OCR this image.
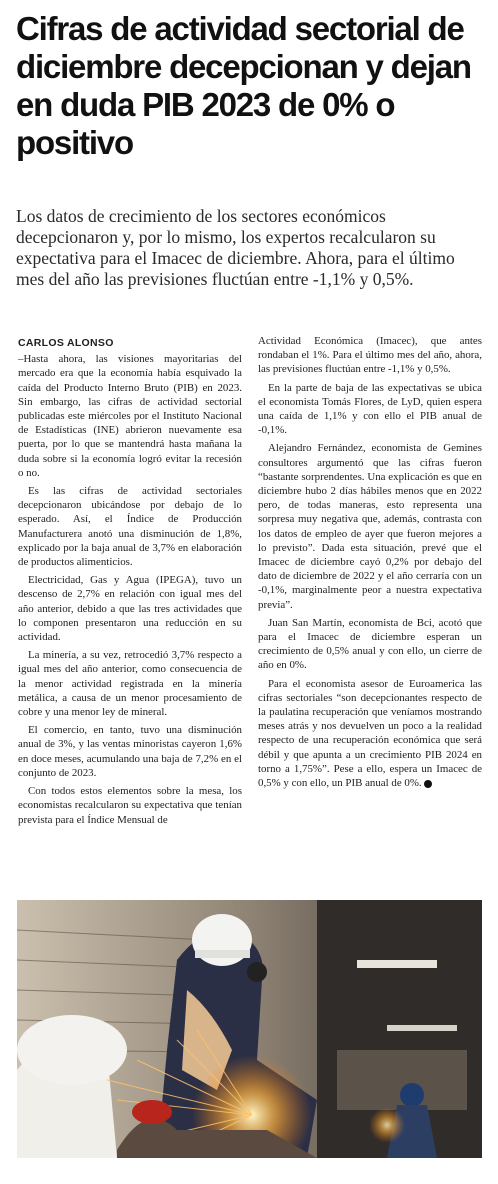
Cifras de actividad sectorial de diciembre decepcionan y dejan en duda PIB 2023 de 0% o positivo

Los datos de crecimiento de los sectores económicos decepcionaron y, por lo mismo, los expertos recalcularon su expectativa para el Imacec de diciembre. Ahora, para el último mes del año las previsiones fluctúan entre -1,1% y 0,5%.

CARLOS ALONSO

–Hasta ahora, las visiones mayoritarias del mercado era que la economía había esquivado la caída del Producto Interno Bruto (PIB) en 2023. Sin embargo, las cifras de actividad sectorial publicadas este miércoles por el Instituto Nacional de Estadísticas (INE) abrieron nuevamente esa puerta, por lo que se mantendrá hasta mañana la duda sobre si la economía logró evitar la recesión o no.

Es las cifras de actividad sectoriales decepcionaron ubicándose por debajo de lo esperado. Así, el Índice de Producción Manufacturera anotó una disminución de 1,8%, explicado por la baja anual de 3,7% en elaboración de productos alimenticios.

Electricidad, Gas y Agua (IPEGA), tuvo un descenso de 2,7% en relación con igual mes del año anterior, debido a que las tres actividades que lo componen presentaron una reducción en su actividad.

La minería, a su vez, retrocedió 3,7% respecto a igual mes del año anterior, como consecuencia de la menor actividad registrada en la minería metálica, a causa de un menor procesamiento de cobre y una menor ley de mineral.

El comercio, en tanto, tuvo una disminución anual de 3%, y las ventas minoristas cayeron 1,6% en doce meses, acumulando una baja de 7,2% en el conjunto de 2023.

Con todos estos elementos sobre la mesa, los economistas recalcularon su expectativa que tenían prevista para el Índice Mensual de

Actividad Económica (Imacec), que antes rondaban el 1%. Para el último mes del año, ahora, las previsiones fluctúan entre -1,1% y 0,5%.

En la parte de baja de las expectativas se ubica el economista Tomás Flores, de LyD, quien espera una caída de 1,1% y con ello el PIB anual de -0,1%.

Alejandro Fernández, economista de Gemines consultores argumentó que las cifras fueron “bastante sorprendentes. Una explicación es que en diciembre hubo 2 días hábiles menos que en 2022 pero, de todas maneras, esto representa una sorpresa muy negativa que, además, contrasta con los datos de empleo de ayer que fueron mejores a lo previsto”. Dada esta situación, prevé que el Imacec de diciembre cayó 0,2% por debajo del dato de diciembre de 2022 y el año cerraría con un -0,1%, marginalmente peor a nuestra expectativa previa”.

Juan San Martín, economista de Bci, acotó que para el Imacec de diciembre esperan un crecimiento de 0,5% anual y con ello, un cierre de año en 0%.

Para el economista asesor de Euroamerica las cifras sectoriales “son decepcionantes respecto de la paulatina recuperación que veníamos mostrando meses atrás y nos devuelven un poco a la realidad respecto de una recuperación económica que será débil y que apunta a un crecimiento PIB 2024 en torno a 1,75%”. Pese a ello, espera un Imacec de 0,5% y con ello, un PIB anual de 0%.
